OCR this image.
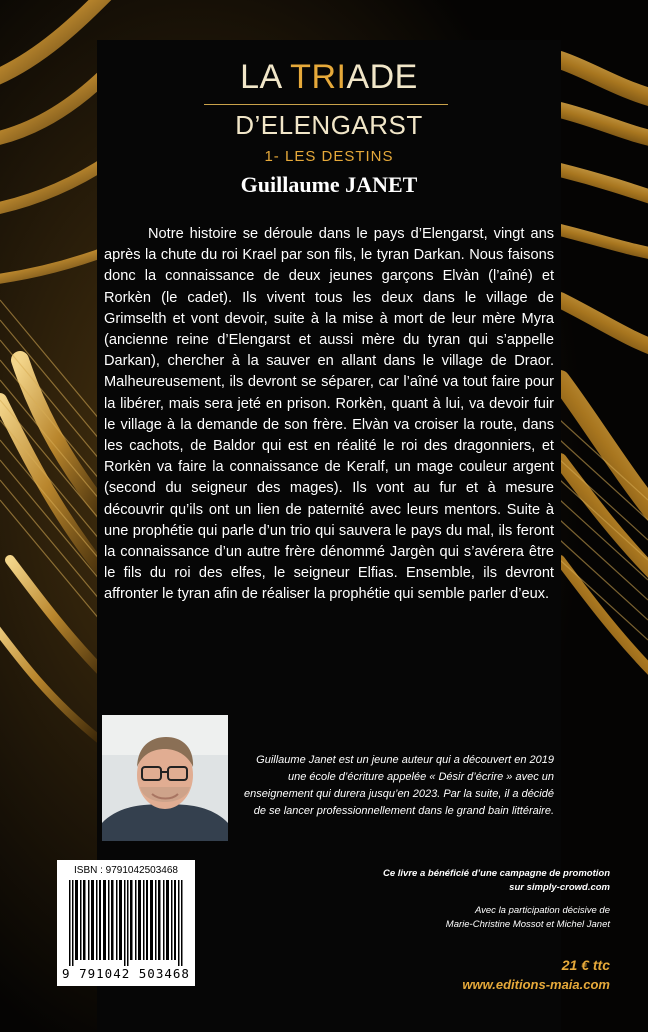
LA TRIADE
D’ELENGARST
1- LES DESTINS
Guillaume JANET

Notre histoire se déroule dans le pays d’Elengarst, vingt ans après la chute du roi Krael par son fils, le tyran Darkan. Nous faisons donc la connaissance de deux jeunes garçons Elvàn (l’aîné) et Rorkèn (le cadet). Ils vivent tous les deux dans le village de Grimselth et vont devoir, suite à la mise à mort de leur mère Myra (ancienne reine d’Elengarst et aussi mère du tyran qui s’appelle Darkan), chercher à la sauver en allant dans le village de Draor. Malheureusement, ils devront se séparer, car l’aîné va tout faire pour la libérer, mais sera jeté en prison. Rorkèn, quant à lui, va devoir fuir le village à la demande de son frère. Elvàn va croiser la route, dans les cachots, de Baldor qui est en réalité le roi des dragonniers, et Rorkèn va faire la connaissance de Keralf, un mage couleur argent (second du seigneur des mages). Ils vont au fur et à mesure découvrir qu’ils ont un lien de paternité avec leurs mentors. Suite à une prophétie qui parle d’un trio qui sauvera le pays du mal, ils feront la connaissance d’un autre frère dénommé Jargèn qui s’avérera être le fils du roi des elfes, le seigneur Elfias. Ensemble, ils devront affronter le tyran afin de réaliser la prophétie qui semble parler d’eux.

Guillaume Janet est un jeune auteur qui a découvert en 2019 une école d’écriture appelée « Désir d’écrire » avec un enseignement qui durera jusqu’en 2023. Par la suite, il a décidé de se lancer professionnellement dans le grand bain littéraire.

ISBN : 9791042503468
9 791042 503468
Ce livre a bénéficié d’une campagne de promotion
sur simply-crowd.com
Avec la participation décisive de
Marie-Christine Mossot et Michel Janet
21 € ttc
www.editions-maia.com
